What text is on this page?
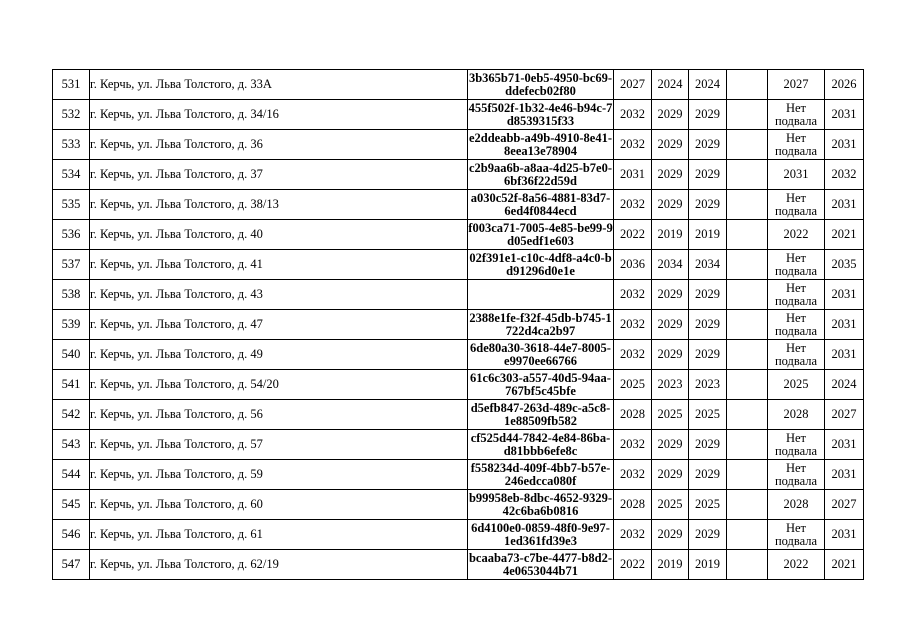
531	г. Керчь, ул. Льва Толстого, д. 33А	3b365b71-0eb5-4950-bc69-ddefecb02f80	2027	2024	2024		2027	2026
532	г. Керчь, ул. Льва Толстого, д. 34/16	455f502f-1b32-4e46-b94c-7d8539315f33	2032	2029	2029		Нет подвала	2031
533	г. Керчь, ул. Льва Толстого, д. 36	e2ddeabb-a49b-4910-8e41-8eea13e78904	2032	2029	2029		Нет подвала	2031
534	г. Керчь, ул. Льва Толстого, д. 37	c2b9aa6b-a8aa-4d25-b7e0-6bf36f22d59d	2031	2029	2029		2031	2032
535	г. Керчь, ул. Льва Толстого, д. 38/13	a030c52f-8a56-4881-83d7-6ed4f0844ecd	2032	2029	2029		Нет подвала	2031
536	г. Керчь, ул. Льва Толстого, д. 40	f003ca71-7005-4e85-be99-9d05edf1e603	2022	2019	2019		2022	2021
537	г. Керчь, ул. Льва Толстого, д. 41	02f391e1-c10c-4df8-a4c0-bd91296d0e1e	2036	2034	2034		Нет подвала	2035
538	г. Керчь, ул. Льва Толстого, д. 43		2032	2029	2029		Нет подвала	2031
539	г. Керчь, ул. Льва Толстого, д. 47	2388e1fe-f32f-45db-b745-1722d4ca2b97	2032	2029	2029		Нет подвала	2031
540	г. Керчь, ул. Льва Толстого, д. 49	6de80a30-3618-44e7-8005-e9970ee66766	2032	2029	2029		Нет подвала	2031
541	г. Керчь, ул. Льва Толстого, д. 54/20	61c6c303-a557-40d5-94aa-767bf5c45bfe	2025	2023	2023		2025	2024
542	г. Керчь, ул. Льва Толстого, д. 56	d5efb847-263d-489c-a5c8-1e88509fb582	2028	2025	2025		2028	2027
543	г. Керчь, ул. Льва Толстого, д. 57	cf525d44-7842-4e84-86ba-d81bbb6efe8c	2032	2029	2029		Нет подвала	2031
544	г. Керчь, ул. Льва Толстого, д. 59	f558234d-409f-4bb7-b57e-246edcca080f	2032	2029	2029		Нет подвала	2031
545	г. Керчь, ул. Льва Толстого, д. 60	b99958eb-8dbc-4652-9329-42c6ba6b0816	2028	2025	2025		2028	2027
546	г. Керчь, ул. Льва Толстого, д. 61	6d4100e0-0859-48f0-9e97-1ed361fd39e3	2032	2029	2029		Нет подвала	2031
547	г. Керчь, ул. Льва Толстого, д. 62/19	bcaaba73-c7be-4477-b8d2-4e0653044b71	2022	2019	2019		2022	2021
